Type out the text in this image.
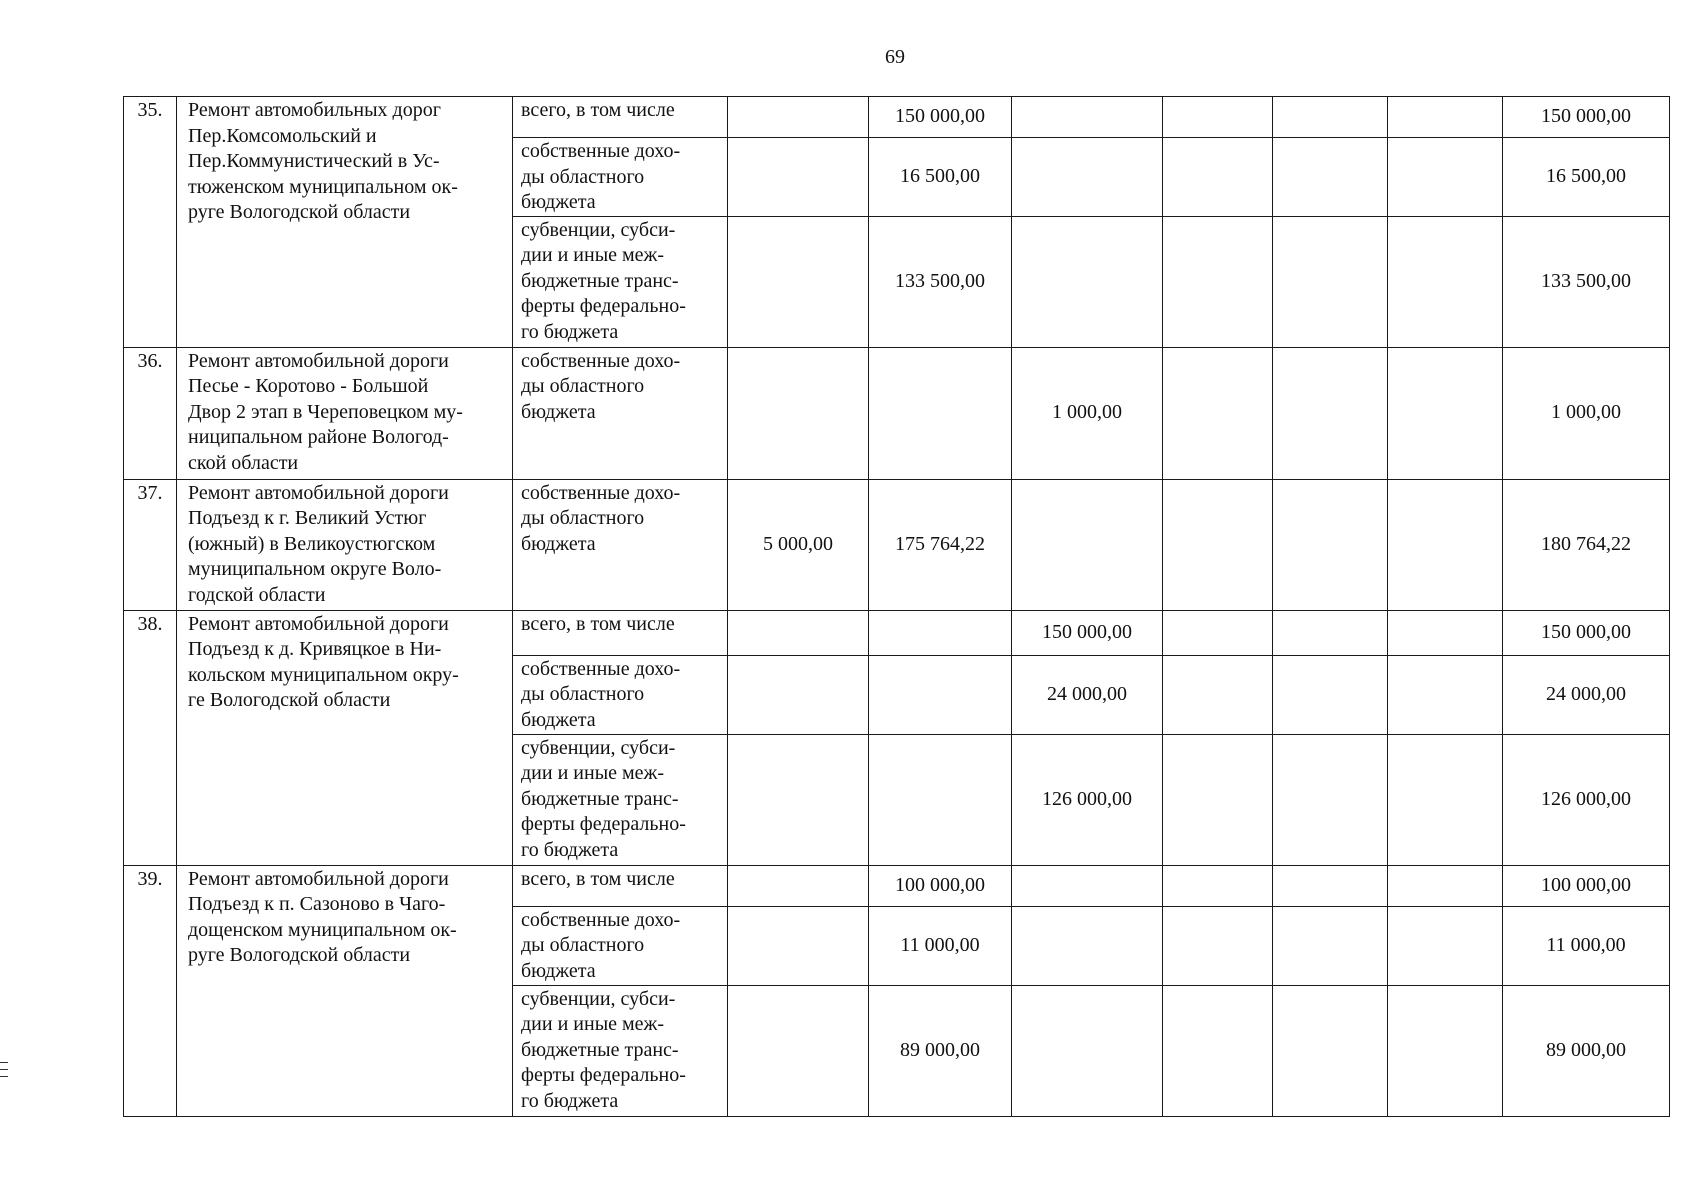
69
35.	Ремонт автомобильных дорог
Пер.Комсомольский и
Пер.Коммунистический в Ус-
тюженском муниципальном ок-
руге Вологодской области	всего, в том числе		150 000,00					150 000,00

		собственные дохо-
ды областного
бюджета		16 500,00					16 500,00

		субвенции, субси-
дии и иные меж-
бюджетные транс-
ферты федерально-
го бюджета		133 500,00					133 500,00
36.	Ремонт автомобильной дороги
Песье - Коротово - Большой
Двор 2 этап в Череповецком му-
ниципальном районе Вологод-
ской области	собственные дохо-
ды областного
бюджета			1 000,00				1 000,00
37.	Ремонт автомобильной дороги
Подъезд к г. Великий Устюг
(южный) в Великоустюгском
муниципальном округе Воло-
годской области	собственные дохо-
ды областного
бюджета	5 000,00	175 764,22					180 764,22
38.	Ремонт автомобильной дороги
Подъезд к д. Кривяцкое в Ни-
кольском муниципальном окру-
ге Вологодской области	всего, в том числе			150 000,00				150 000,00

		собственные дохо-
ды областного
бюджета			24 000,00				24 000,00

		субвенции, субси-
дии и иные меж-
бюджетные транс-
ферты федерально-
го бюджета			126 000,00				126 000,00
39.	Ремонт автомобильной дороги
Подъезд к п. Сазоново в Чаго-
дощенском муниципальном ок-
руге Вологодской области	всего, в том числе		100 000,00					100 000,00

		собственные дохо-
ды областного
бюджета		11 000,00					11 000,00

		субвенции, субси-
дии и иные меж-
бюджетные транс-
ферты федерально-
го бюджета		89 000,00					89 000,00
